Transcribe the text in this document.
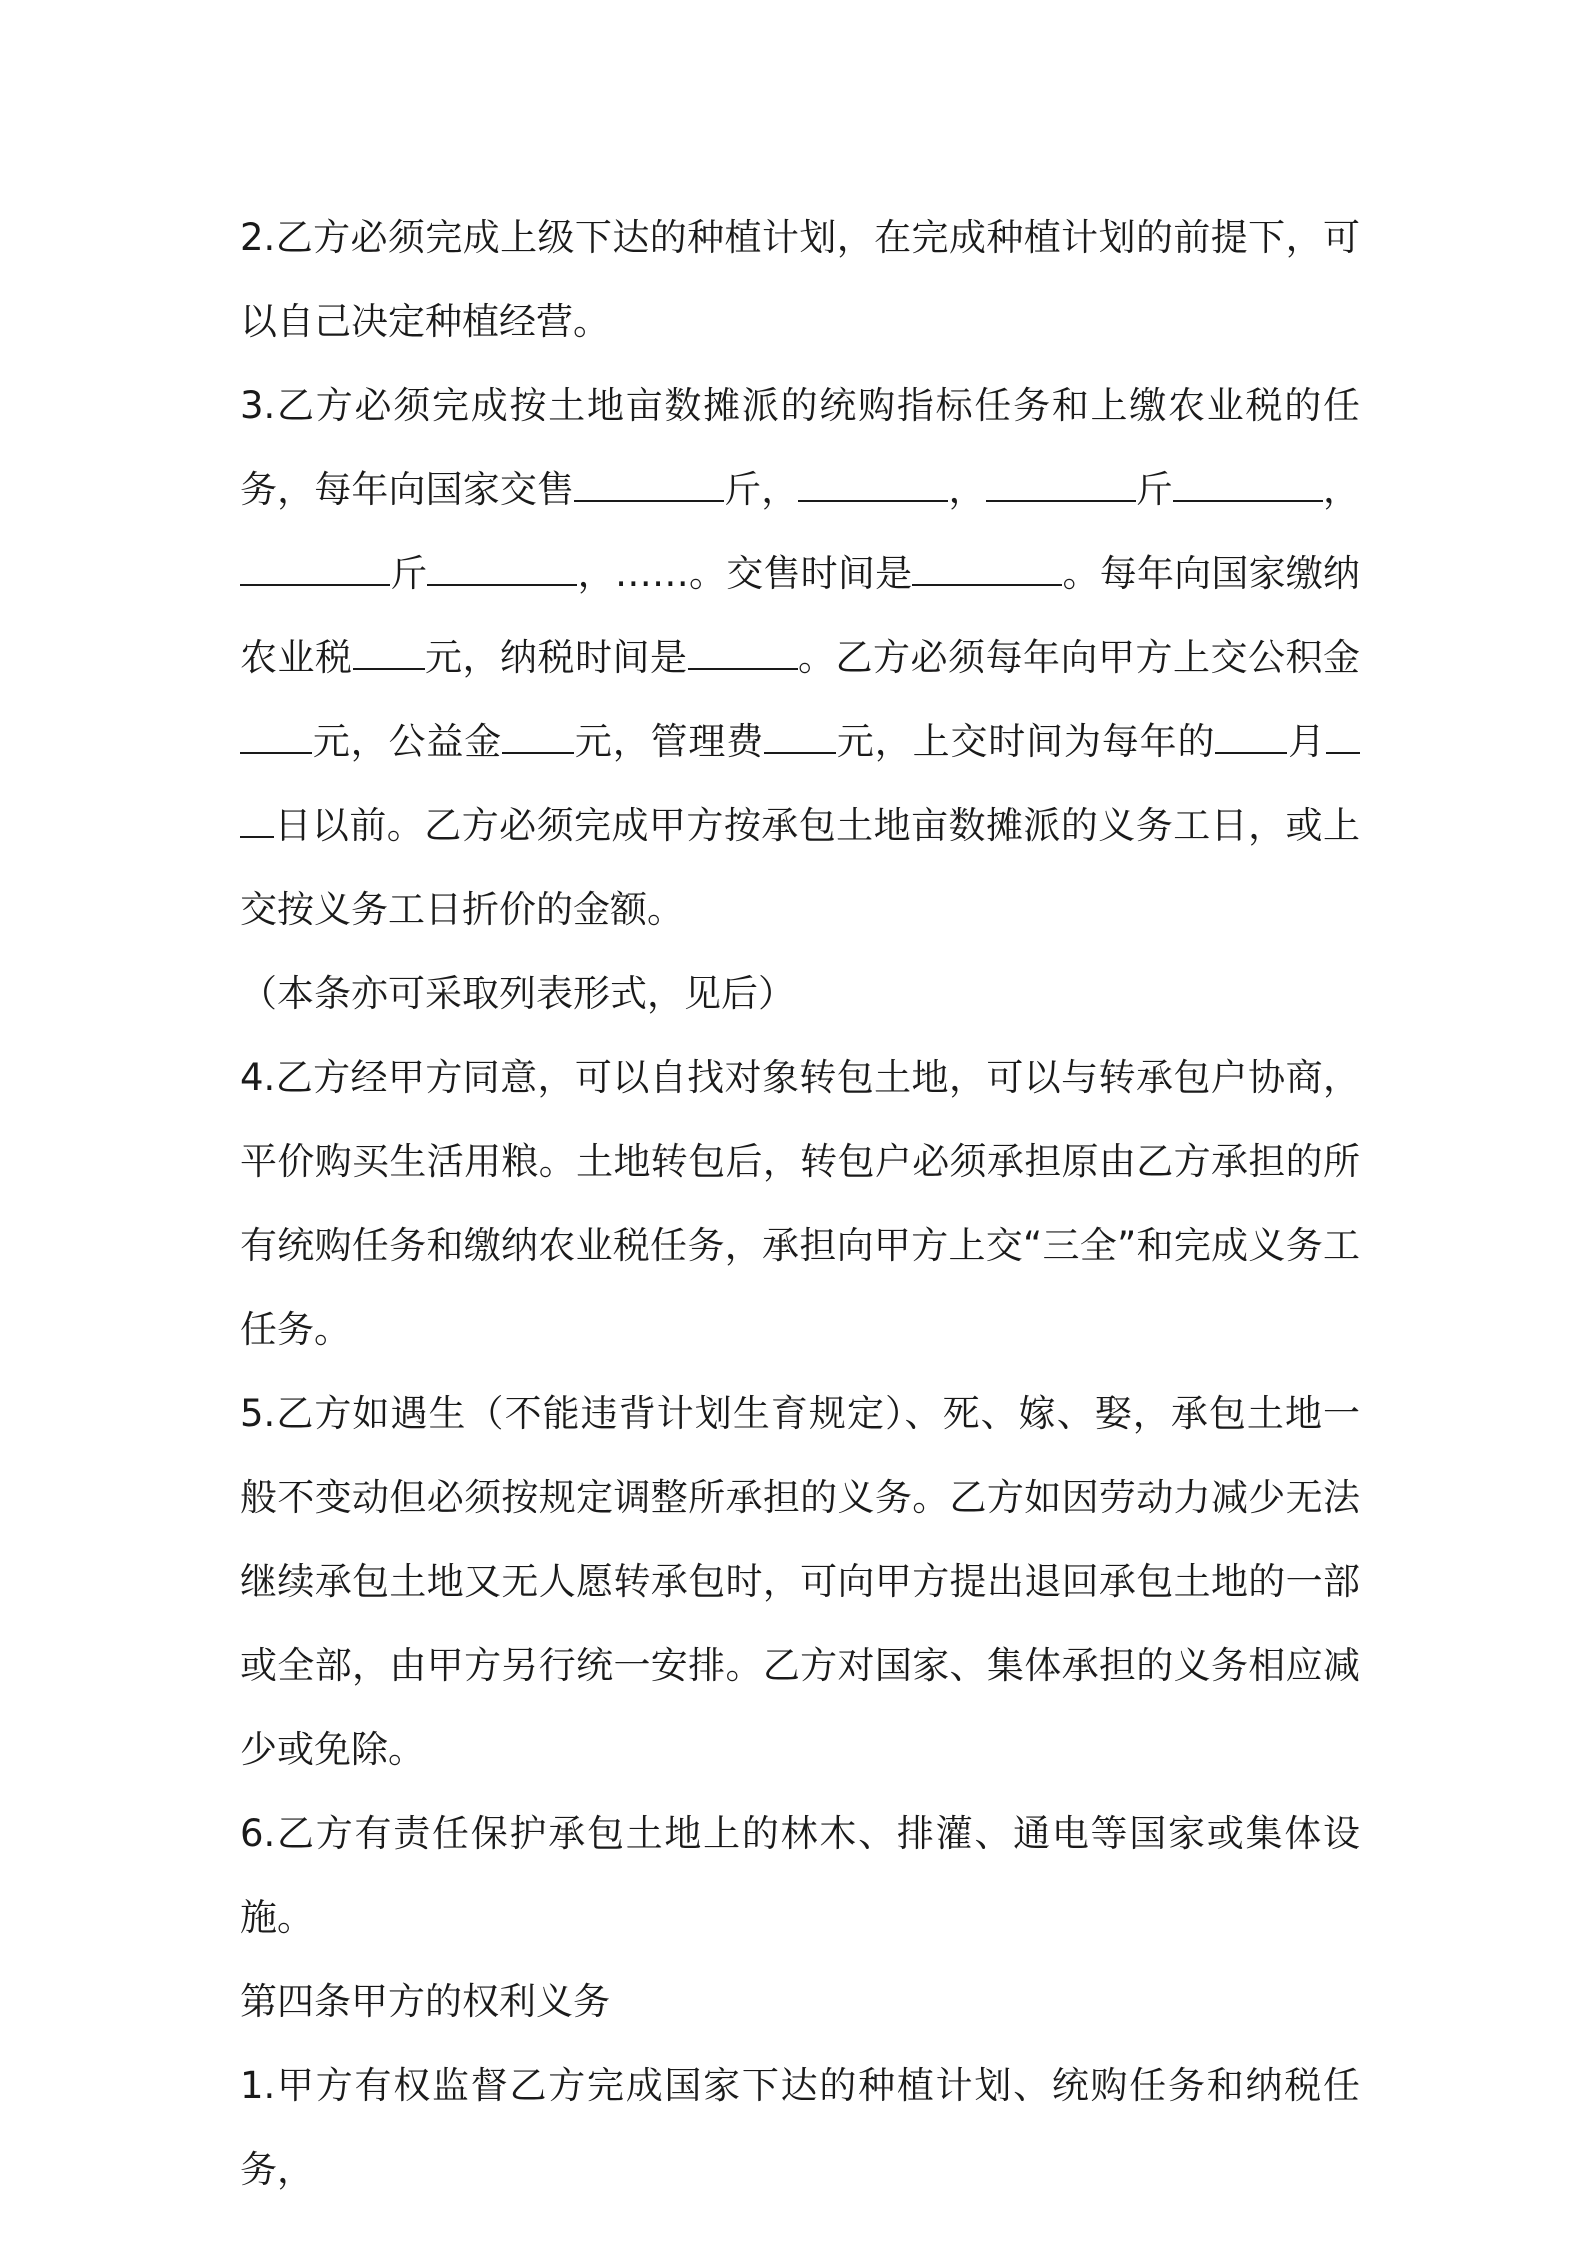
2.乙方必须完成上级下达的种植计划，在完成种植计划的前提下，可以自己决定种植经营。

3.乙方必须完成按土地亩数摊派的统购指标任务和上缴农业税的任务，每年向国家交售	斤，	，	斤	，斤	，……。交售时间是	。每年向国家缴纳农业税 元，纳税时间是	。乙方必须每年向甲方上交公积金元，公益金 元，管理费 元，上交时间为每年的 月日以前。乙方必须完成甲方按承包土地亩数摊派的义务工日，或上交按义务工日折价的金额。

（本条亦可采取列表形式，见后）

4.乙方经甲方同意，可以自找对象转包土地，可以与转承包户协商，平价购买生活用粮。土地转包后，转包户必须承担原由乙方承担的所有统购任务和缴纳农业税任务，承担向甲方上交“三全”和完成义务工任务。

5.乙方如遇生（不能违背计划生育规定）、死、嫁、娶，承包土地一般不变动但必须按规定调整所承担的义务。乙方如因劳动力减少无法继续承包土地又无人愿转承包时，可向甲方提出退回承包土地的一部或全部，由甲方另行统一安排。乙方对国家、集体承担的义务相应减少或免除。

6.乙方有责任保护承包土地上的林木、排灌、通电等国家或集体设施。

第四条甲方的权利义务

1.甲方有权监督乙方完成国家下达的种植计划、统购任务和纳税任务，
